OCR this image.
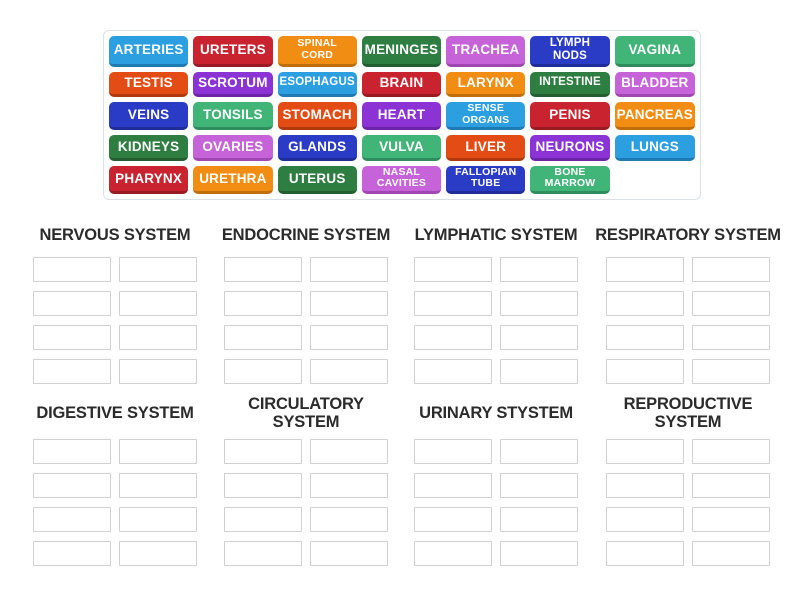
ARTERIES	URETERS	SPINAL
CORD MENINGES	TRACHEA	LYMPH NODS	VAGINA
TESTIS	SCROTUM	ESOPHAGUS	BRAIN	LARYNX	INTESTINE	BLADDER
VEINS	TONSILS	STOMACH	HEART	SENSE
ORGANS	PENIS	PANCREAS
KIDNEYS	OVARIES	GLANDS	VULVA	LIVER	NEURONS	LUNGS
PHARYNX	URETHRA	UTERUS	NASAL
CAVITIES
FALLOPIAN
TUBE
BONE
MARROW
NERVOUS SYSTEM ENDOCRINE SYSTEM LYMPHATIC SYSTEM RESPIRATORY SYSTEM
DIGESTIVE SYSTEM	CIRCULATORY SYSTEM	URINARY STYSTEM	REPRODUCTIVE SYSTEM
